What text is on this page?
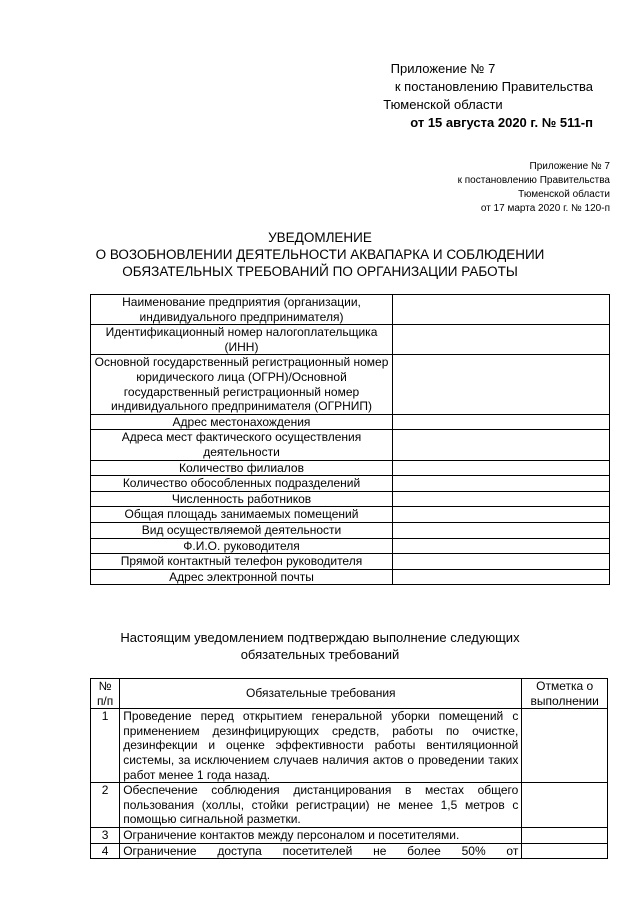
Приложение № 7
к постановлению Правительства
Тюменской области
от 15 августа 2020 г. № 511-п
Приложение № 7
к постановлению Правительства
Тюменской области
от 17 марта 2020 г. № 120-п
УВЕДОМЛЕНИЕ
О ВОЗОБНОВЛЕНИИ ДЕЯТЕЛЬНОСТИ АКВАПАРКА И СОБЛЮДЕНИИ
ОБЯЗАТЕЛЬНЫХ ТРЕБОВАНИЙ ПО ОРГАНИЗАЦИИ РАБОТЫ
Наименование предприятия (организации, индивидуального предпринимателя)	
Идентификационный номер налогоплательщика (ИНН)	
Основной государственный регистрационный номер юридического лица (ОГРН)/Основной государственный регистрационный номер индивидуального предпринимателя (ОГРНИП)	
Адрес местонахождения	
Адреса мест фактического осуществления деятельности	
Количество филиалов	
Количество обособленных подразделений	
Численность работников	
Общая площадь занимаемых помещений	
Вид осуществляемой деятельности	
Ф.И.О. руководителя	
Прямой контактный телефон руководителя	
Адрес электронной почты	
Настоящим уведомлением подтверждаю выполнение следующих
обязательных требований
№ п/п	Обязательные требования	Отметка о выполнении
1	Проведение перед открытием генеральной уборки помещений с применением дезинфицирующих средств, работы по очистке, дезинфекции и оценке эффективности работы вентиляционной системы, за исключением случаев наличия актов о проведении таких работ менее 1 года назад.	
2	Обеспечение соблюдения дистанцирования в местах общего пользования (холлы, стойки регистрации) не менее 1,5 метров с помощью сигнальной разметки.	
3	Ограничение контактов между персоналом и посетителями.	
4	Ограничение доступа посетителей не более 50% от	
